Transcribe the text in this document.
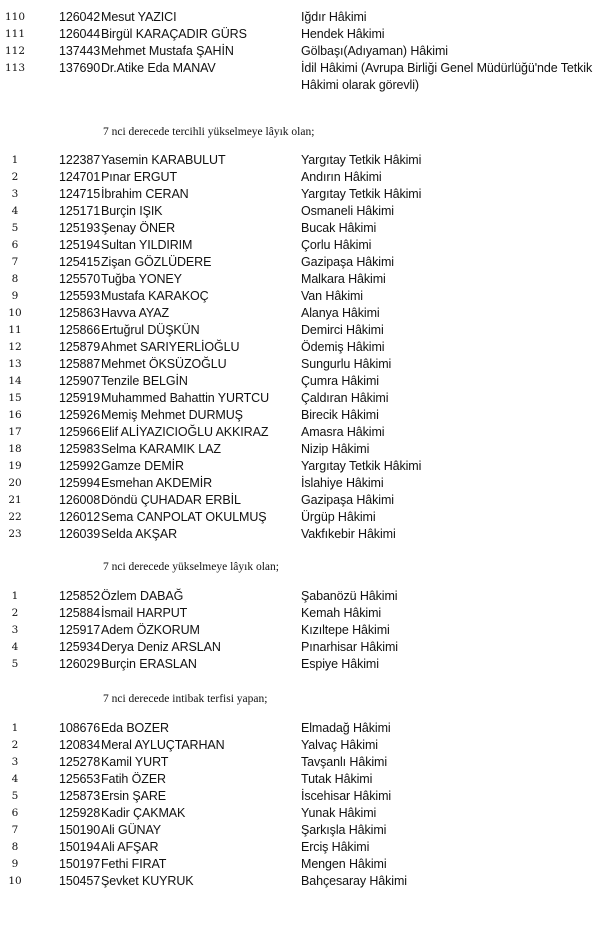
110	126042 Mesut YAZICI	Iğdır Hâkimi
111	126044 Birgül KARAÇADIR GÜRS	Hendek Hâkimi
112	137443 Mehmet Mustafa ŞAHİN	Gölbaşı(Adıyaman) Hâkimi
113	137690 Dr.Atike Eda MANAV	İdil Hâkimi (Avrupa Birliği Genel Müdürlüğü'nde Tetkik
Hâkimi olarak görevli)
7 nci derecede tercihli yükselmeye lâyık olan;
1	122387 Yasemin KARABULUT	Yargıtay Tetkik Hâkimi
2	124701 Pınar ERGUT	Andırın Hâkimi
3	124715 İbrahim CERAN	Yargıtay Tetkik Hâkimi
4	125171 Burçin IŞIK	Osmaneli Hâkimi
5	125193 Şenay ÖNER	Bucak Hâkimi
6	125194 Sultan YILDIRIM	Çorlu Hâkimi
7	125415 Zişan GÖZLÜDERE	Gazipaşa Hâkimi
8	125570 Tuğba YONEY	Malkara Hâkimi
9	125593 Mustafa KARAKOÇ	Van Hâkimi
10	125863 Havva AYAZ	Alanya Hâkimi
11	125866 Ertuğrul DÜŞKÜN	Demirci Hâkimi
12	125879 Ahmet SARIYERLİOĞLU	Ödemiş Hâkimi
13	125887 Mehmet ÖKSÜZOĞLU	Sungurlu Hâkimi
14	125907 Tenzile BELGİN	Çumra Hâkimi
15	125919 Muhammed Bahattin YURTCU	Çaldıran Hâkimi
16	125926 Memiş Mehmet DURMUŞ	Birecik Hâkimi
17	125966 Elif ALİYAZICIOĞLU AKKIRAZ	Amasra Hâkimi
18	125983 Selma KARAMIK LAZ	Nizip Hâkimi
19	125992 Gamze DEMİR	Yargıtay Tetkik Hâkimi
20	125994 Esmehan AKDEMİR	İslahiye Hâkimi
21	126008 Döndü ÇUHADAR ERBİL	Gazipaşa Hâkimi
22	126012 Sema CANPOLAT OKULMUŞ	Ürgüp Hâkimi
23	126039 Selda AKŞAR	Vakfıkebir Hâkimi
7 nci derecede yükselmeye lâyık olan;
1	125852 Özlem DABAĞ	Şabanözü Hâkimi
2	125884 İsmail HARPUT	Kemah Hâkimi
3	125917 Adem ÖZKORUM	Kızıltepe Hâkimi
4	125934 Derya Deniz ARSLAN	Pınarhisar Hâkimi
5	126029 Burçin ERASLAN	Espiye Hâkimi
7 nci derecede intibak terfisi yapan;
1	108676 Eda BOZER	Elmadağ Hâkimi
2	120834 Meral AYLUÇTARHAN	Yalvaç Hâkimi
3	125278 Kamil YURT	Tavşanlı Hâkimi
4	125653 Fatih ÖZER	Tutak Hâkimi
5	125873 Ersin ŞARE	İscehisar Hâkimi
6	125928 Kadir ÇAKMAK	Yunak Hâkimi
7	150190 Ali GÜNAY	Şarkışla Hâkimi
8	150194 Ali AFŞAR	Erciş Hâkimi
9	150197 Fethi FIRAT	Mengen Hâkimi
10	150457 Şevket KUYRUK	Bahçesaray Hâkimi
